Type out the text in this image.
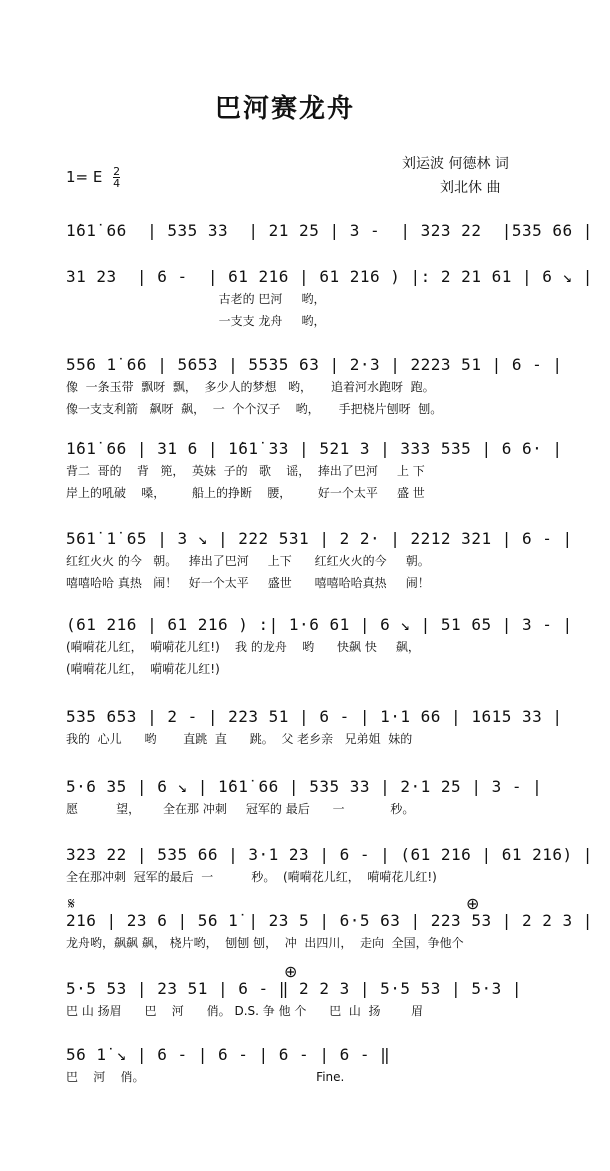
巴河赛龙舟
刘运波 何德林 词
刘北休 曲
1= E $\frac{2}{4}$
1̇61̇ 66  | 535 33  | 21 25 | 3 -  | 323 22  |535 66 |
31 23  | 6 -  | 61 216 | 61 216 ) |: 2 21 61 | 6 ↘ |
古老的 巴河     哟，
一支支 龙舟     哟，
556 1̇ 66 | 5653 | 5535 63 | 2·3 | 2223 51 | 6 - |
像  一条玉带  飘呀  飘，  多少人的梦想   哟，     追着河水跑呀  跑。
像一支支利箭   飙呀  飙，  一  个个汉子    哟，     手把桡片刨呀  刨。
1̇61̇ 66 | 31 6 | 1̇61̇ 33 | 521 3 | 333 535 | 6 6· |
背二  哥的    背   篼，  英妹  子的   歌    谣，  捧出了巴河     上 下
岸上的吼破    嗓，       船上的挣断    腰，       好一个太平     盛 世
561̇ 1̇ 65 | 3 ↘ | 222 531 | 2 2· | 2212 321 | 6 - |
红红火火 的今   朝。   捧出了巴河     上下      红红火火的今     朝。
嘻嘻哈哈 真热   闹！   好一个太平     盛世      嘻嘻哈哈真热     闹！
(61 216 | 61 216 ) :| 1·6 61 | 6 ↘ | 51 65 | 3 - |
(嗬嗬花儿红，  嗬嗬花儿红!)    我 的龙舟    哟      快飙 快     飙，
(嗬嗬花儿红，  嗬嗬花儿红!)
535 653 | 2 - | 223 51 | 6 - | 1·1 66 | 1615 33 |
我的  心儿      哟       直跳  直      跳。  父 老乡亲   兄弟姐  妹的
5·6 35 | 6 ↘ | 1̇61̇ 66 | 535 33 | 2·1 25 | 3 - |
愿          望，      全在那 冲刺     冠军的 最后      一            秒。
323 22 | 535 66 | 3·1 23 | 6 - | (61 216 | 61 216) |
全在那冲刺  冠军的最后  一          秒。  (嗬嗬花儿红，  嗬嗬花儿红!)
216 | 23 6 | 56 1̇ | 23 5 | 6·5 63 | 223 53 | 2 2 3 |
龙舟哟，飙飙 飙， 桡片哟，  刨刨 刨，  冲  出四川，  走向  全国，争他个
5·5 53 | 23 51 | 6 - ‖ 2 2 3 | 5·5 53 | 5·3 |
巴 山 扬眉      巴    河      俏。 D.S. 争 他 个      巴  山  扬        眉
56 1̇ ↘ | 6 - | 6 - | 6 - | 6 - ‖
巴    河    俏。                                             Fine.
𝄋	⊕
⊕
